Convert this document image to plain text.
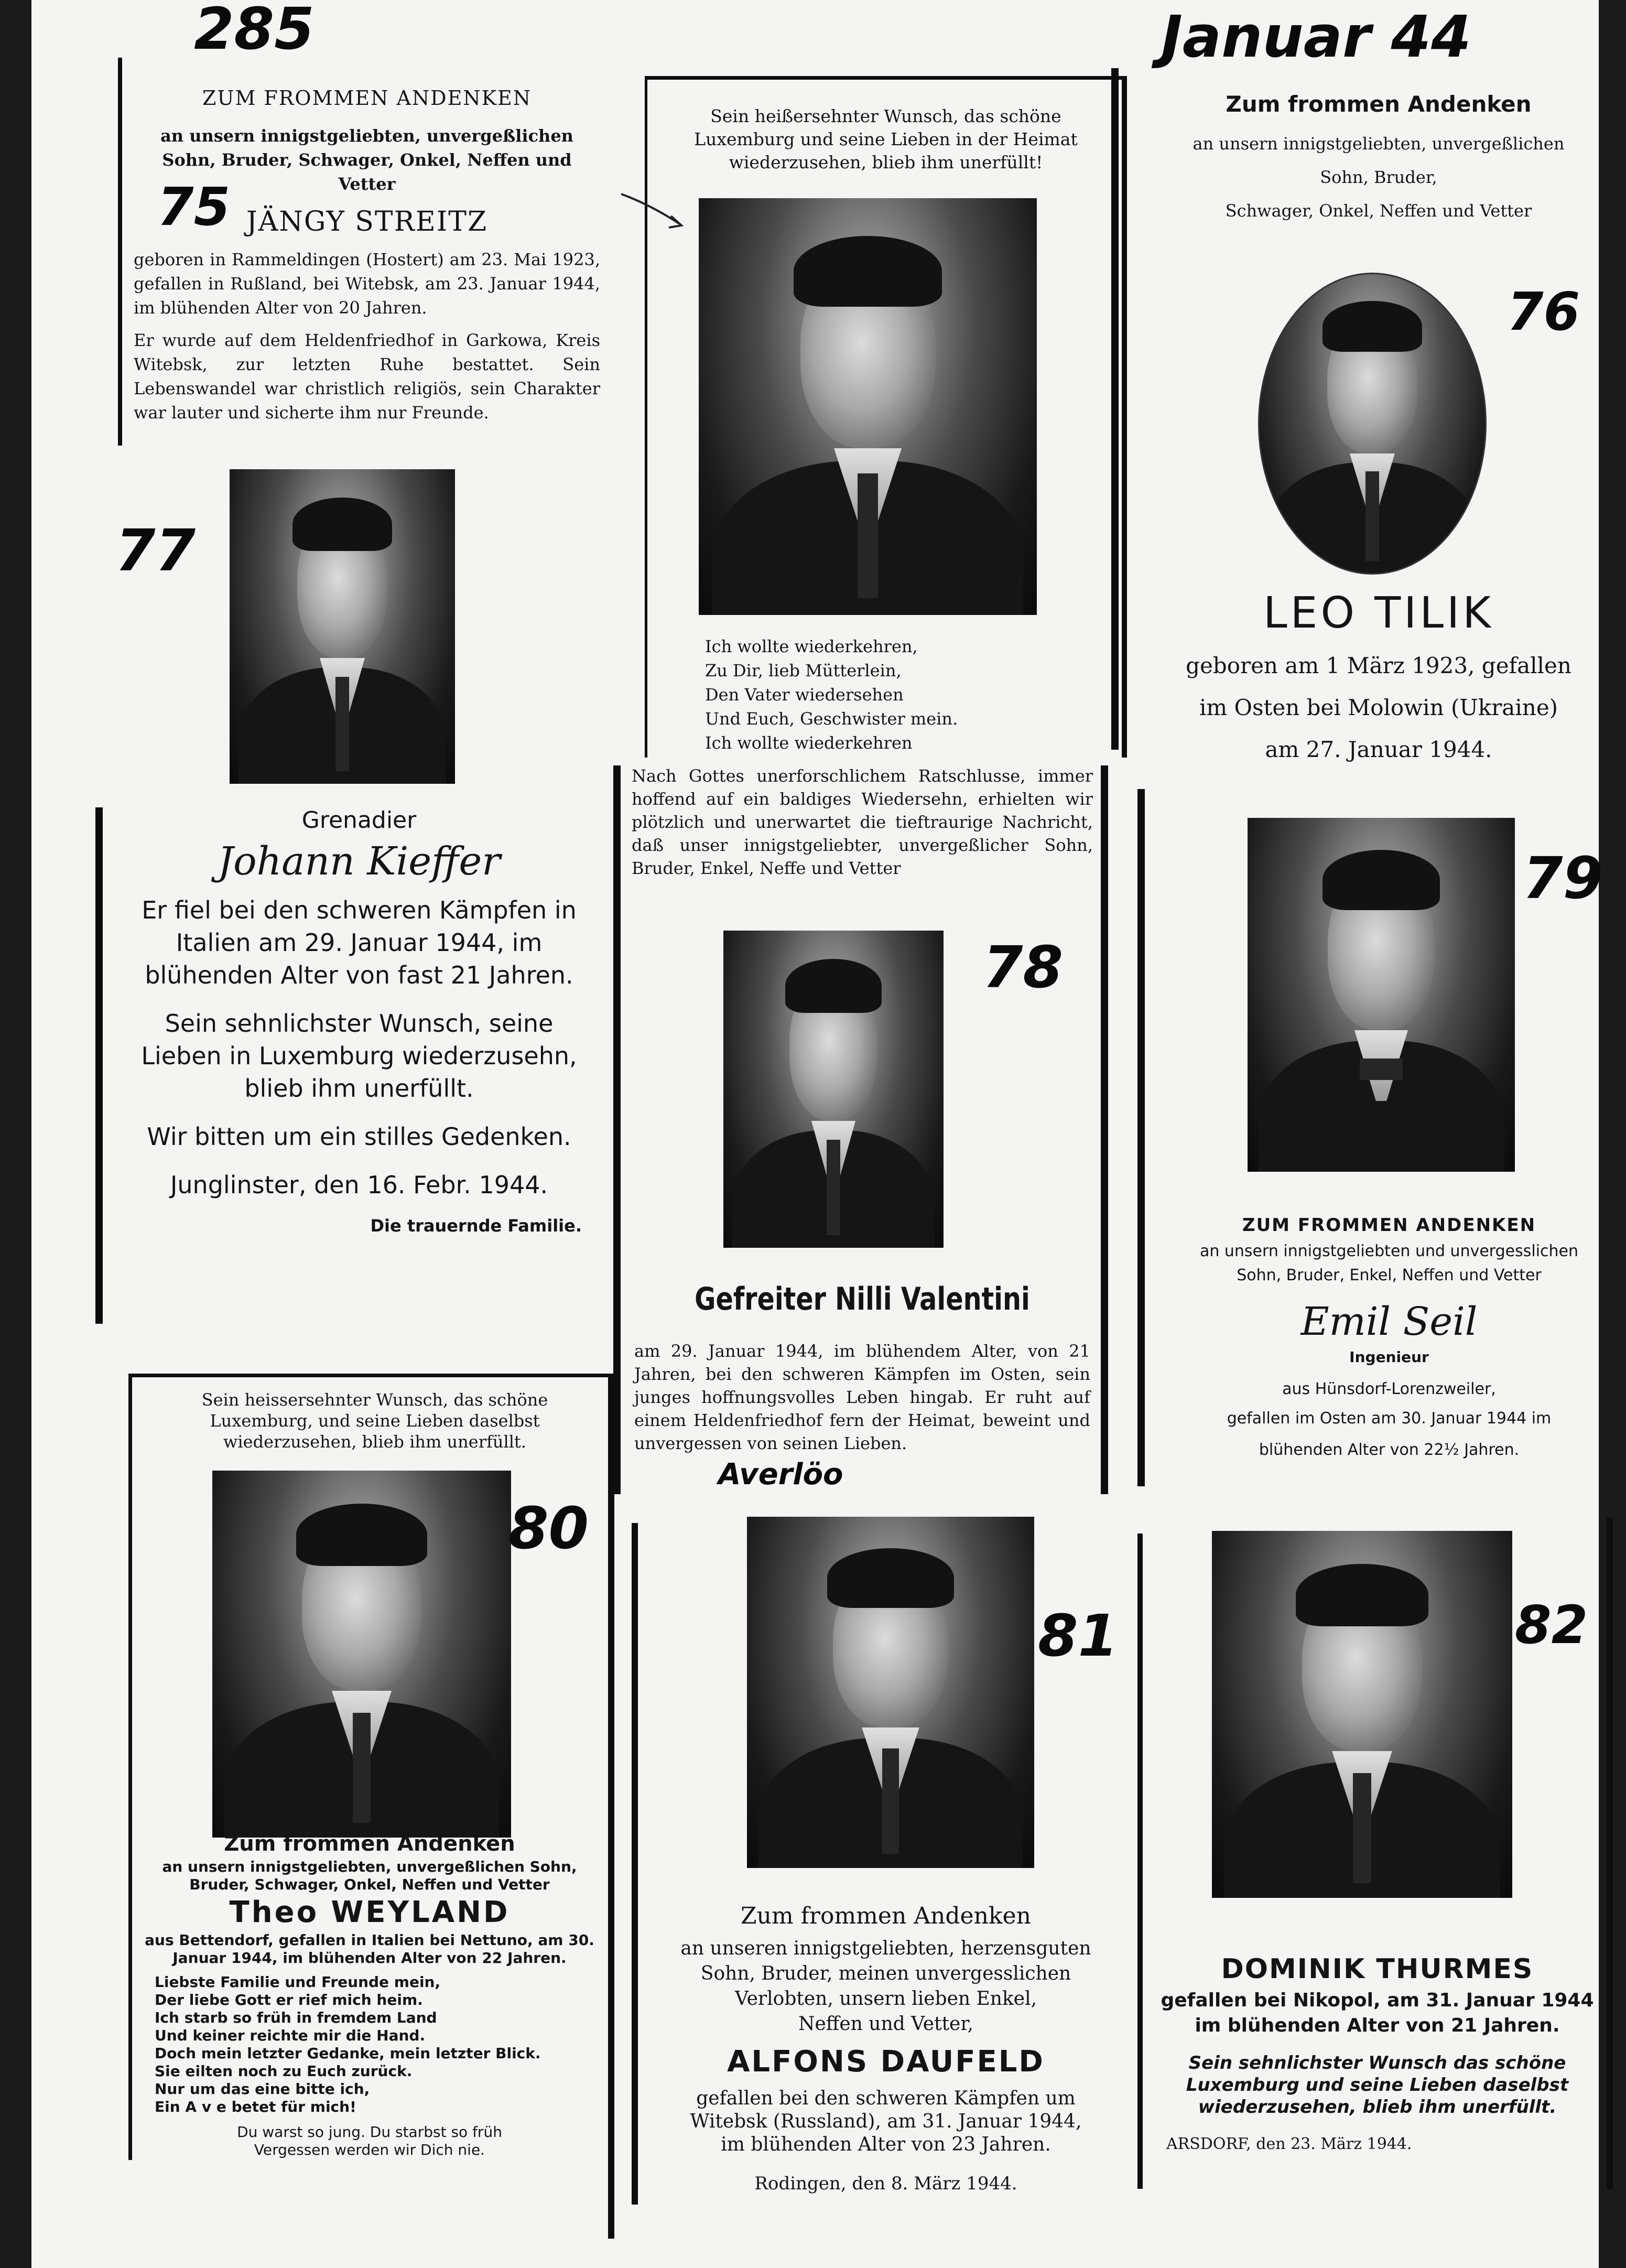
285	Januar 44
ZUM FROMMEN ANDENKEN
an unsern innigstgeliebten, unvergeßlichen Sohn, Bruder, Schwager, Onkel, Neffen und Vetter
JÄNGY STREITZ
geboren in Rammeldingen (Hostert) am 23. Mai 1923, gefallen in Rußland, bei Witebsk, am 23. Januar 1944, im blühenden Alter von 20 Jahren.
Er wurde auf dem Heldenfriedhof in Garkowa, Kreis Witebsk, zur letzten Ruhe bestattet. Sein Lebenswandel war christlich religiös, sein Charakter war lauter und sicherte ihm nur Freunde.
75
77
Grenadier
Johann Kieffer
Er fiel bei den schweren Kämpfen in Italien am 29. Januar 1944, im blühenden Alter von fast 21 Jahren.
Sein sehnlichster Wunsch, seine Lieben in Luxemburg wiederzusehn, blieb ihm unerfüllt.
Wir bitten um ein stilles Gedenken.
Junglinster, den 16. Febr. 1944.
Die trauernde Familie.
Sein heißersehnter Wunsch, das schöne Luxemburg und seine Lieben in der Heimat wiederzusehen, blieb ihm unerfüllt!
Ich wollte wiederkehren,
Zu Dir, lieb Mütterlein,
Den Vater wiedersehen
Und Euch, Geschwister mein.
Ich wollte wiederkehren
Zum frommen Andenken
an unsern innigstgeliebten, unvergeßlichen
Sohn, Bruder,
Schwager, Onkel, Neffen und Vetter
76
LEO TILIK
geboren am 1 März 1923, gefallen
im Osten bei Molowin (Ukraine)
am 27. Januar 1944.
Nach Gottes unerforschlichem Ratschlusse, immer hoffend auf ein baldiges Wiedersehn, erhielten wir plötzlich und unerwartet die tieftraurige Nachricht, daß unser innigstgeliebter, unvergeßlicher Sohn, Bruder, Enkel, Neffe und Vetter
78
Gefreiter Nilli Valentini
am 29. Januar 1944, im blühendem Alter, von 21 Jahren, bei den schweren Kämpfen im Osten, sein junges hoffnungsvolles Leben hingab. Er ruht auf einem Heldenfriedhof fern der Heimat, beweint und unvergessen von seinen Lieben.
Averlöo
79
ZUM FROMMEN ANDENKEN
an unsern innigstgeliebten und unvergesslichen
Sohn, Bruder, Enkel, Neffen und Vetter
Emil Seil
Ingenieur
aus Hünsdorf-Lorenzweiler,
gefallen im Osten am 30. Januar 1944 im
blühenden Alter von 22½ Jahren.
Sein heissersehnter Wunsch, das schöne Luxemburg, und seine Lieben daselbst wiederzusehen, blieb ihm unerfüllt.
80
Zum frommen Andenken
an unsern innigstgeliebten, unvergeßlichen Sohn, Bruder, Schwager, Onkel, Neffen und Vetter
Theo WEYLAND
aus Bettendorf, gefallen in Italien bei Nettuno, am 30. Januar 1944, im blühenden Alter von 22 Jahren.
Liebste Familie und Freunde mein,
Der liebe Gott er rief mich heim.
Ich starb so früh in fremdem Land
Und keiner reichte mir die Hand.
Doch mein letzter Gedanke, mein letzter Blick.
Sie eilten noch zu Euch zurück.
Nur um das eine bitte ich,
Ein A v e betet für mich!
Du warst so jung. Du starbst so früh
Vergessen werden wir Dich nie.
81
Zum frommen Andenken
an unseren innigstgeliebten, herzensguten
Sohn, Bruder, meinen unvergesslichen
Verlobten, unsern lieben Enkel,
Neffen und Vetter,
ALFONS DAUFELD
gefallen bei den schweren Kämpfen um
Witebsk (Russland), am 31. Januar 1944,
im blühenden Alter von 23 Jahren.
Rodingen, den 8. März 1944.
82
DOMINIK THURMES
gefallen bei Nikopol, am 31. Januar 1944
im blühenden Alter von 21 Jahren.
Sein sehnlichster Wunsch das schöne Luxemburg und seine Lieben daselbst wiederzusehen, blieb ihm unerfüllt.
ARSDORF, den 23. März 1944.
